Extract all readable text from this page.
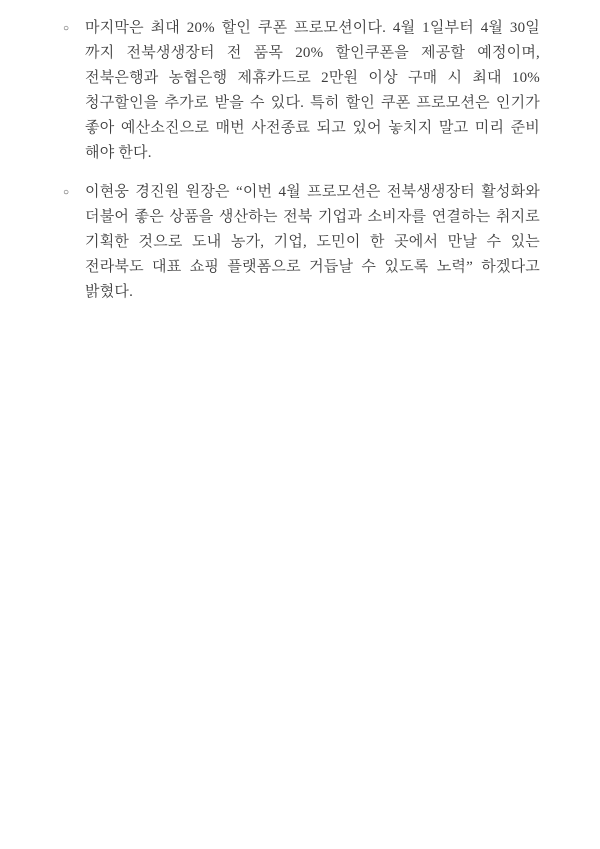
○	마지막은 최대 20% 할인 쿠폰 프로모션이다. 4월 1일부터 4월 30일
까지 전북생생장터 전 품목 20% 할인쿠폰을 제공할 예정이며,
전북은행과 농협은행 제휴카드로 2만원 이상 구매 시 최대 10%
청구할인을 추가로 받을 수 있다. 특히 할인 쿠폰 프로모션은 인기가
좋아 예산소진으로 매번 사전종료 되고 있어 놓치지 말고 미리 준비
해야 한다.
○	이현웅 경진원 원장은 “이번 4월 프로모션은 전북생생장터 활성화와
더불어 좋은 상품을 생산하는 전북 기업과 소비자를 연결하는 취지로
기획한 것으로 도내 농가, 기업, 도민이 한 곳에서 만날 수 있는
전라북도 대표 쇼핑 플랫폼으로 거듭날 수 있도록 노력” 하겠다고
밝혔다.
